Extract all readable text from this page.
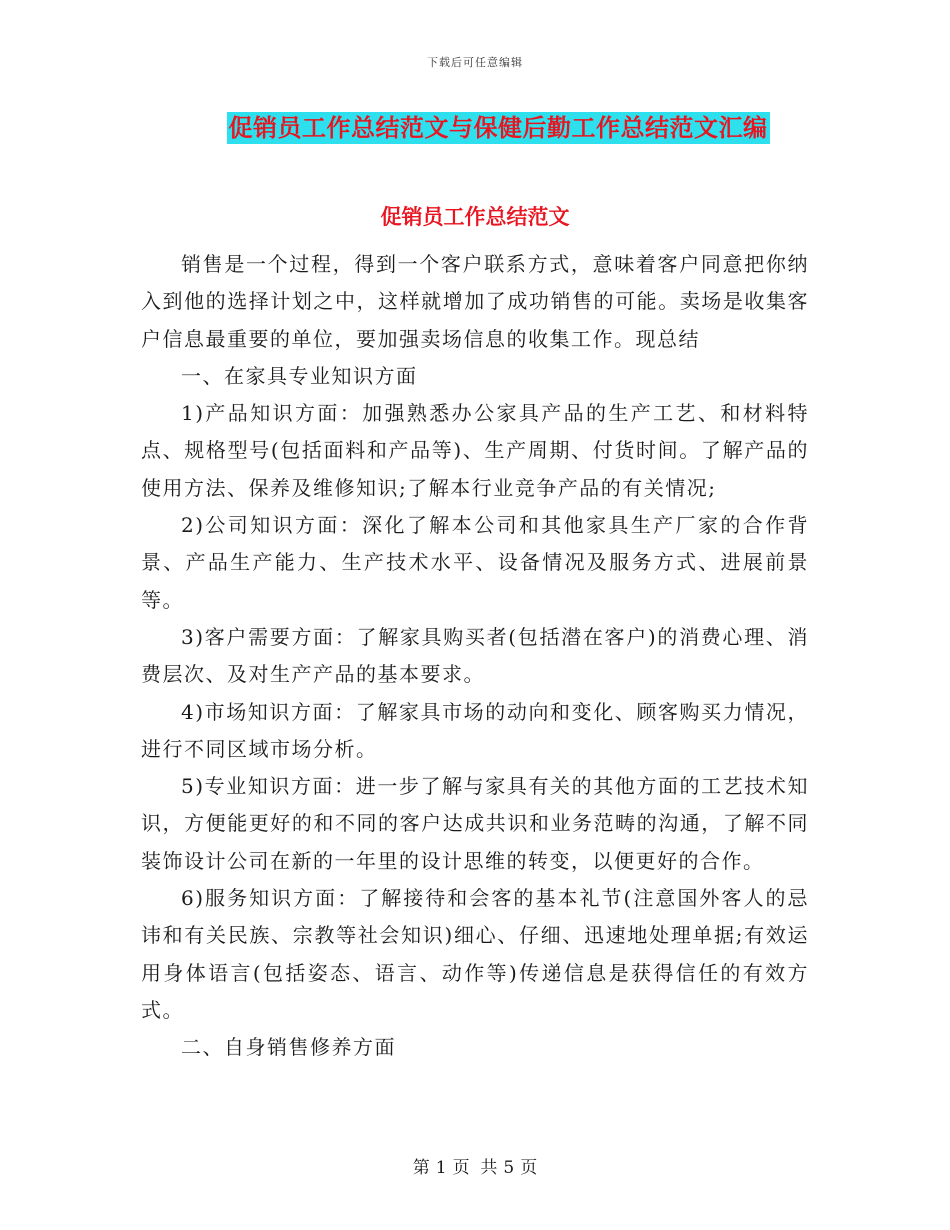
下载后可任意编辑
促销员工作总结范文与保健后勤工作总结范文汇编
促销员工作总结范文

销售是一个过程，得到一个客户联系方式，意味着客户同意把你纳入到他的选择计划之中，这样就增加了成功销售的可能。卖场是收集客户信息最重要的单位，要加强卖场信息的收集工作。现总结

一、在家具专业知识方面

1)产品知识方面：加强熟悉办公家具产品的生产工艺、和材料特点、规格型号(包括面料和产品等)、生产周期、付货时间。了解产品的使用方法、保养及维修知识;了解本行业竞争产品的有关情况;

2)公司知识方面：深化了解本公司和其他家具生产厂家的合作背景、产品生产能力、生产技术水平、设备情况及服务方式、进展前景等。

3)客户需要方面：了解家具购买者(包括潜在客户)的消费心理、消费层次、及对生产产品的基本要求。

4)市场知识方面：了解家具市场的动向和变化、顾客购买力情况，进行不同区域市场分析。

5)专业知识方面：进一步了解与家具有关的其他方面的工艺技术知识，方便能更好的和不同的客户达成共识和业务范畴的沟通，了解不同装饰设计公司在新的一年里的设计思维的转变，以便更好的合作。

6)服务知识方面：了解接待和会客的基本礼节(注意国外客人的忌讳和有关民族、宗教等社会知识)细心、仔细、迅速地处理单据;有效运用身体语言(包括姿态、语言、动作等)传递信息是获得信任的有效方式。

二、自身销售修养方面

第 1 页  共 5 页
